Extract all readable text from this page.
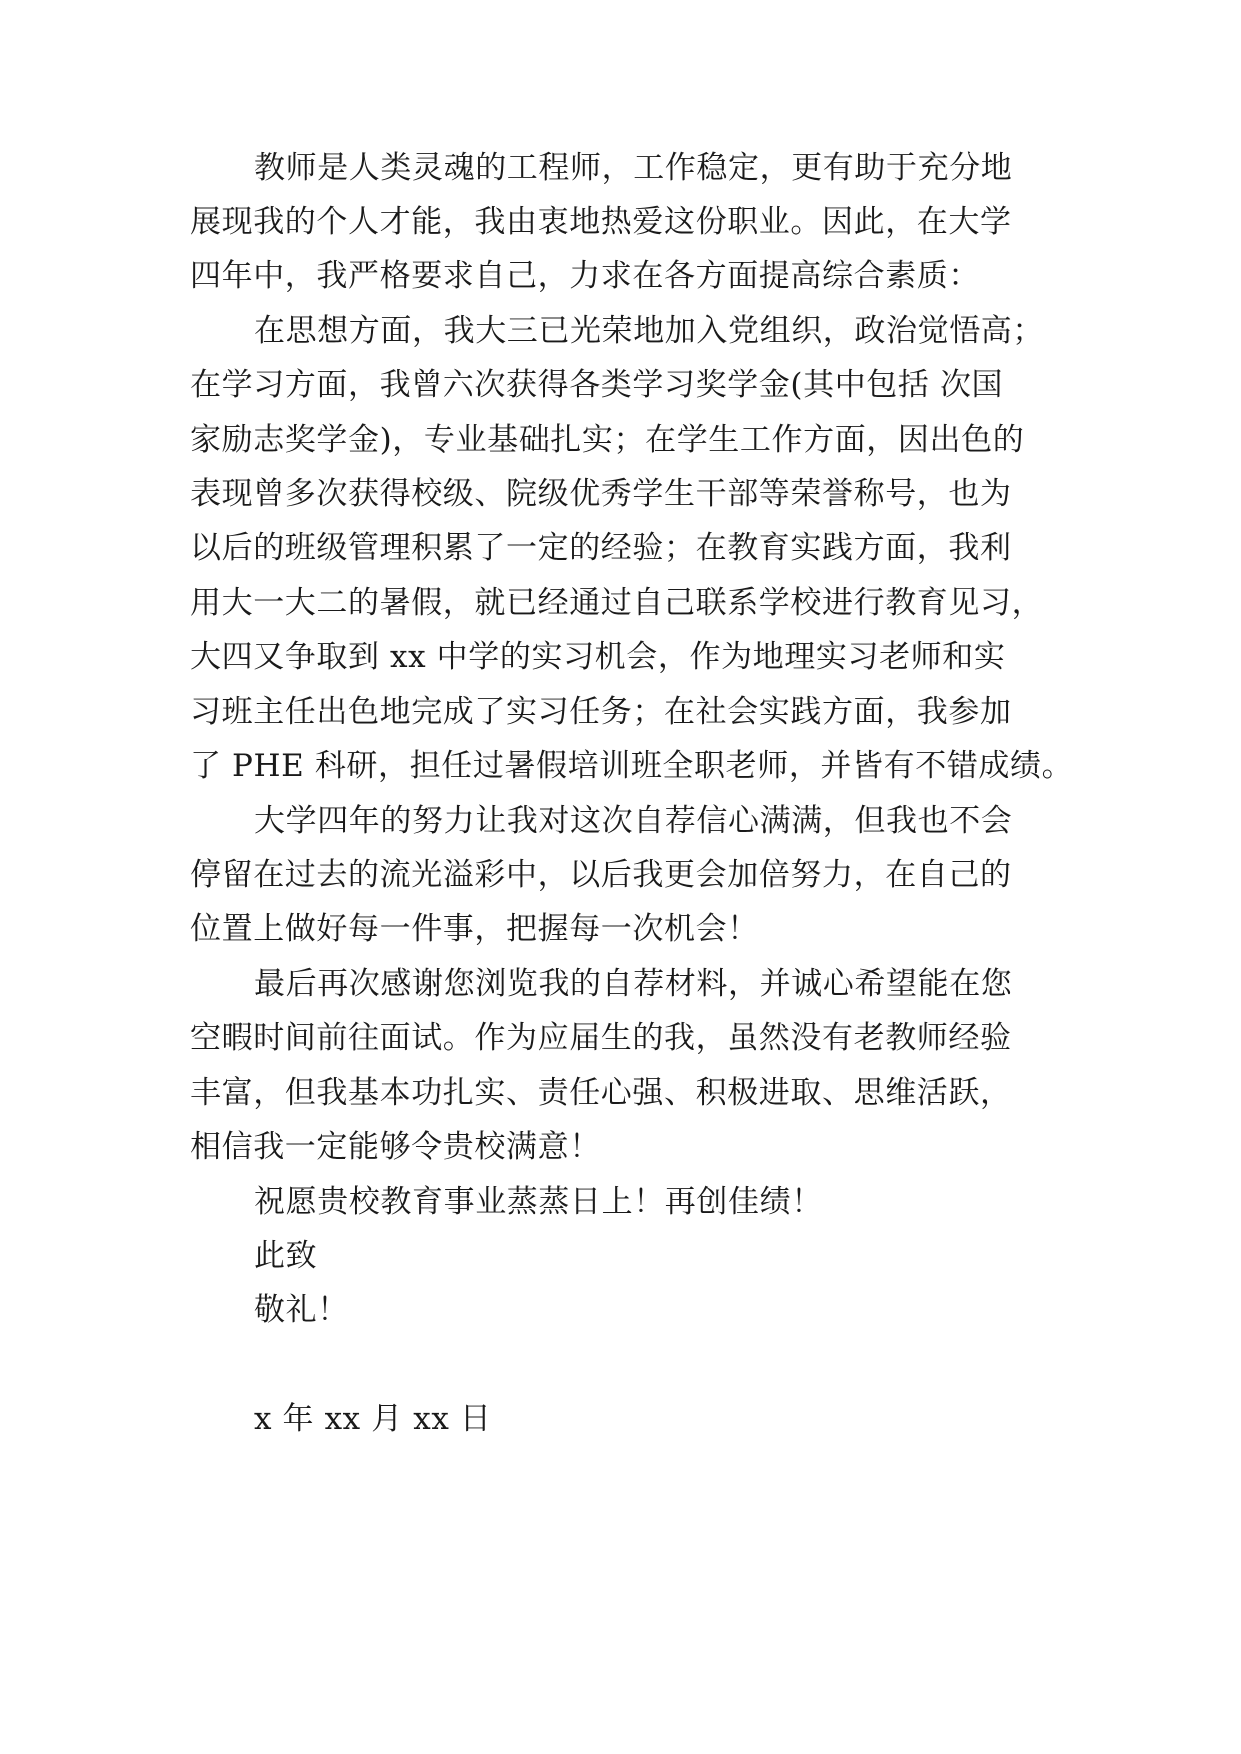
教师是人类灵魂的工程师，工作稳定，更有助于充分地
展现我的个人才能，我由衷地热爱这份职业。因此，在大学
四年中，我严格要求自己，力求在各方面提高综合素质：
在思想方面，我大三已光荣地加入党组织，政治觉悟高；
在学习方面，我曾六次获得各类学习奖学金(其中包括 次国
家励志奖学金)，专业基础扎实；在学生工作方面，因出色的
表现曾多次获得校级、院级优秀学生干部等荣誉称号，也为
以后的班级管理积累了一定的经验；在教育实践方面，我利
用大一大二的暑假，就已经通过自己联系学校进行教育见习，
大四又争取到 xx 中学的实习机会，作为地理实习老师和实
习班主任出色地完成了实习任务；在社会实践方面，我参加
了 PHE 科研，担任过暑假培训班全职老师，并皆有不错成绩。
大学四年的努力让我对这次自荐信心满满，但我也不会
停留在过去的流光溢彩中，以后我更会加倍努力，在自己的
位置上做好每一件事，把握每一次机会！
最后再次感谢您浏览我的自荐材料，并诚心希望能在您
空暇时间前往面试。作为应届生的我，虽然没有老教师经验
丰富，但我基本功扎实、责任心强、积极进取、思维活跃，
相信我一定能够令贵校满意！
祝愿贵校教育事业蒸蒸日上！再创佳绩！
此致
敬礼！
x 年 xx 月 xx 日
